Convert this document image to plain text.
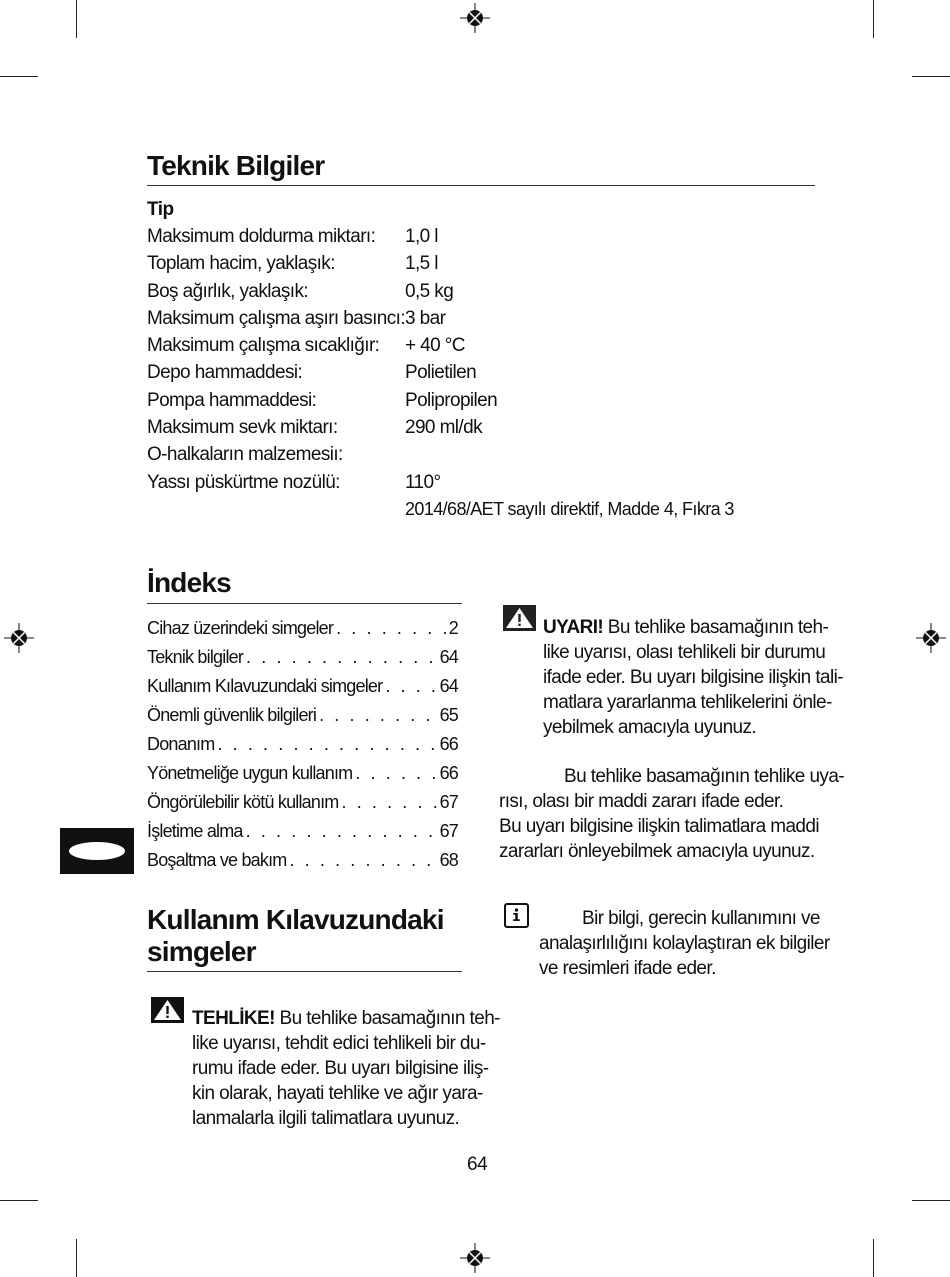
Teknik Bilgiler
Tip
Maksimum doldurma miktarı:	1,0 l
Toplam hacim, yaklaşık:	1,5 l
Boş ağırlık, yaklaşık:	0,5 kg
Maksimum çalışma aşırı basıncı: 3 bar
Maksimum çalışma sıcaklığır:	+ 40 °C
Depo hammaddesi:	Polietilen
Pompa hammaddesi:	Polipropilen
Maksimum sevk miktarı:	290 ml/dk
O-halkaların malzemesiı:
Yassı püskürtme nozülü:	110°
2014/68/AET sayılı direktif, Madde 4, Fıkra 3
İndeks
Cihaz üzerindeki simgeler . . .	2
Teknik bilgiler . . .	64
Kullanım Kılavuzundaki simgeler . . .	64
Önemli güvenlik bilgileri . . .	65
Donanım . . .	66
Yönetmeliğe uygun kullanım . . .	66
Öngörülebilir kötü kullanım . . .	67
İşletime alma . . .	67
Boşaltma ve bakım . . .	68
Kullanım Kılavuzundaki
simgeler
TEHLİKE! Bu tehlike basamağının teh-
like uyarısı, tehdit edici tehlikeli bir du-
rumu ifade eder. Bu uyarı bilgisine iliş-
kin olarak, hayati tehlike ve ağır yara-
lanmalarla ilgili talimatlara uyunuz.
UYARI! Bu tehlike basamağının teh-
like uyarısı, olası tehlikeli bir durumu
ifade eder. Bu uyarı bilgisine ilişkin tali-
matlara yararlanma tehlikelerini önle-
yebilmek amacıyla uyunuz.
Bu tehlike basamağının tehlike uya-
rısı, olası bir maddi zararı ifade eder.
Bu uyarı bilgisine ilişkin talimatlara maddi
zararları önleyebilmek amacıyla uyunuz.
Bir bilgi, gerecin kullanımını ve
analaşırlılığını kolaylaştıran ek bilgiler
ve resimleri ifade eder.
64
